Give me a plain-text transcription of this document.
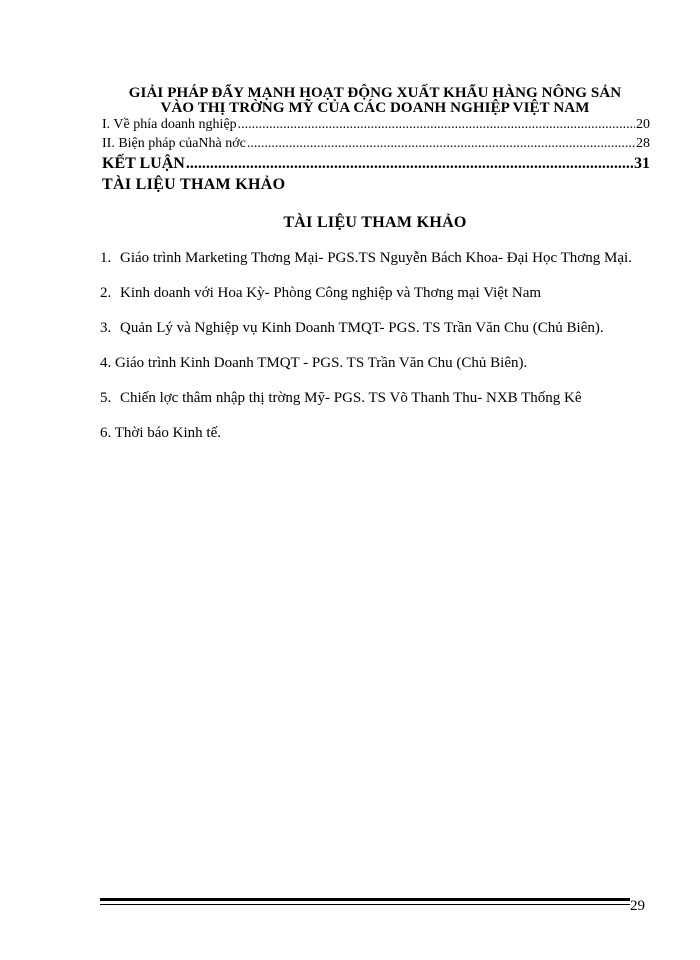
GIẢI PHÁP ĐẨY MẠNH HOẠT ĐỘNG XUẤT KHẨU HÀNG NÔNG SẢN
VÀO THỊ TRỜNG MỸ CỦA CÁC DOANH NGHIỆP VIỆT NAM
I. Về phía doanh nghiệp .....	20
II. Biện pháp củaNhà nớc .....	28
KẾT LUẬN .....	31
TÀI LIỆU THAM KHẢO
TÀI LIỆU THAM KHẢO
1. Giáo trình Marketing Thơng Mại- PGS.TS Nguyễn Bách Khoa- Đại Học Thơng Mại.
2. Kinh doanh với Hoa Kỳ- Phòng Công nghiệp và Thơng mại Việt Nam
3. Quản Lý và Nghiệp vụ Kinh Doanh TMQT- PGS. TS Trần Văn Chu (Chủ Biên).
4. Giáo trình Kinh Doanh TMQT - PGS. TS Trần Văn Chu (Chủ Biên).
5. Chiến lợc thâm nhập thị trờng Mỹ- PGS. TS Võ Thanh Thu- NXB Thống Kê
6. Thời báo Kinh tế.
29
